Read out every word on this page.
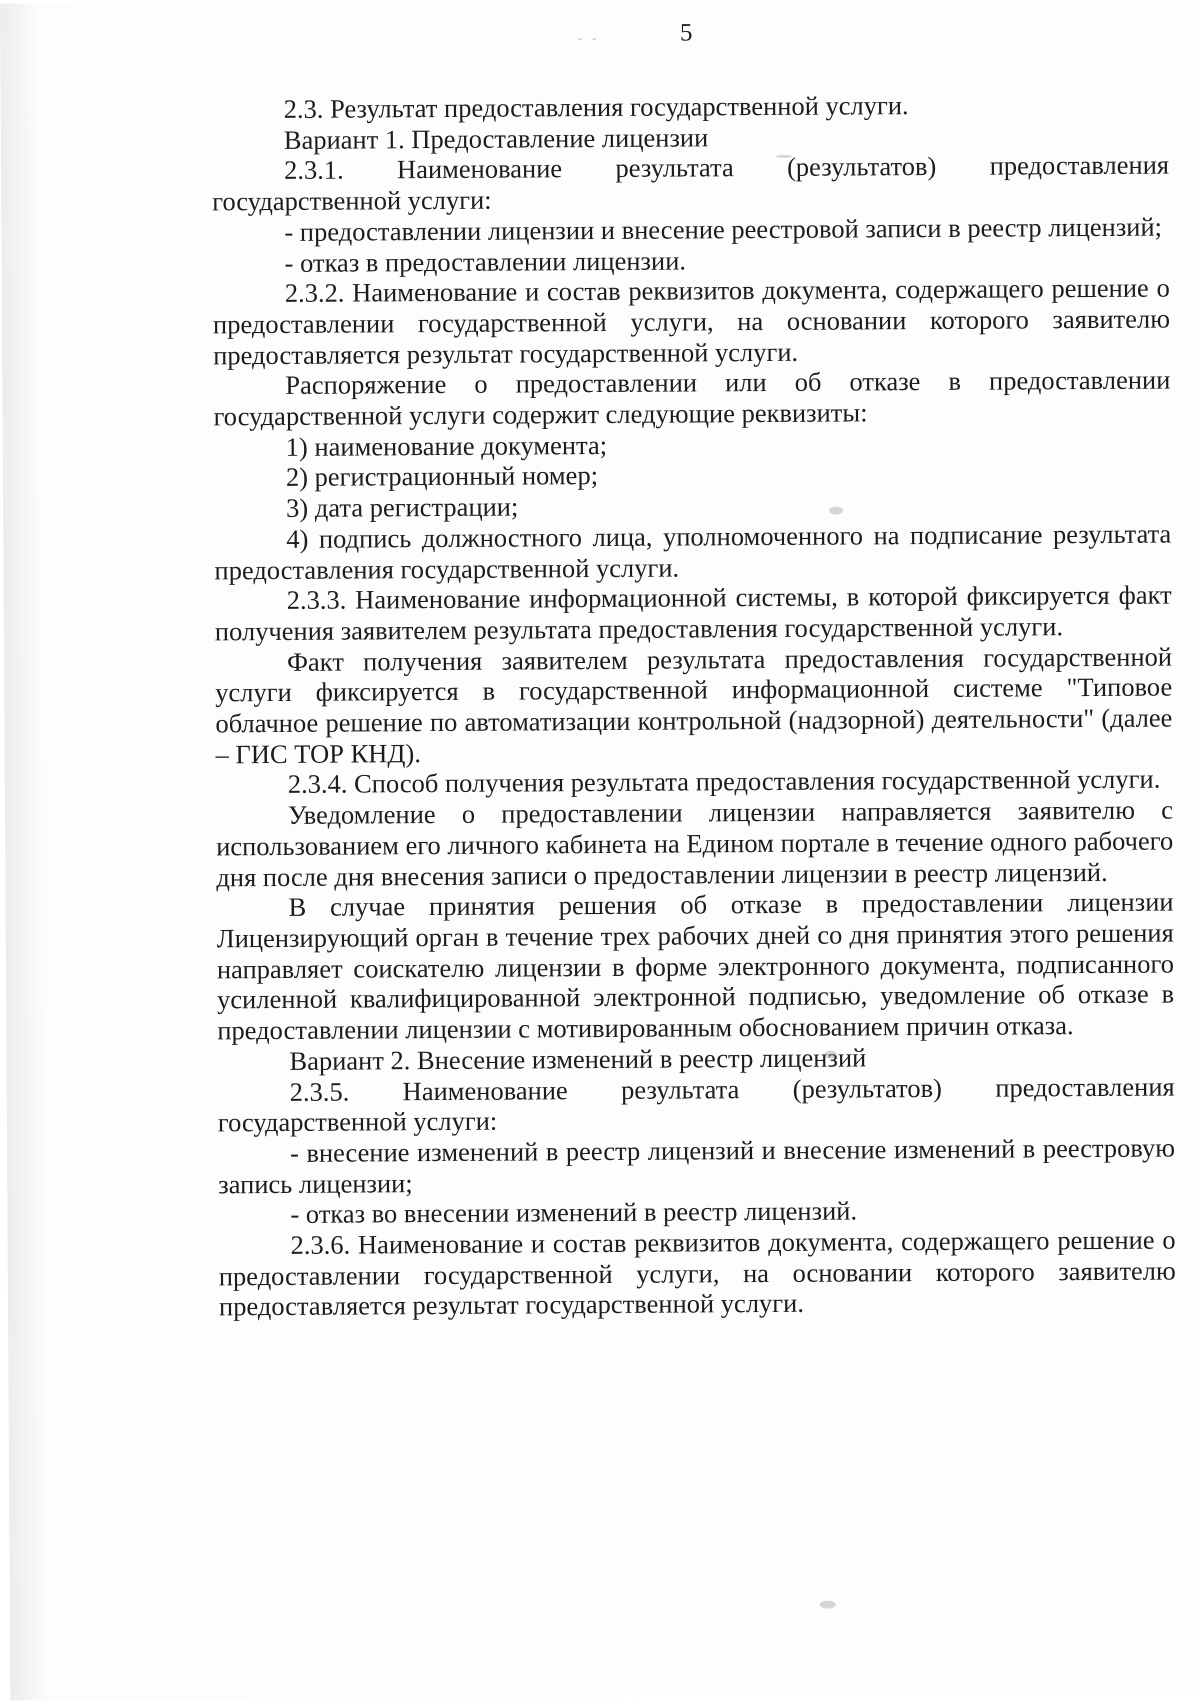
5

2.3. Результат предоставления государственной услуги.

Вариант 1. Предоставление лицензии

2.3.1. Наименование результата (результатов) предоставления государственной услуги:

- предоставлении лицензии и внесение реестровой записи в реестр лицензий;

- отказ в предоставлении лицензии.

2.3.2. Наименование и состав реквизитов документа, содержащего решение о предоставлении государственной услуги, на основании которого заявителю предоставляется результат государственной услуги.

Распоряжение о предоставлении или об отказе в предоставлении государственной услуги содержит следующие реквизиты:

1) наименование документа;

2) регистрационный номер;

3) дата регистрации;

4) подпись должностного лица, уполномоченного на подписание результата предоставления государственной услуги.

2.3.3. Наименование информационной системы, в которой фиксируется факт получения заявителем результата предоставления государственной услуги.

Факт получения заявителем результата предоставления государственной услуги фиксируется в государственной информационной системе "Типовое облачное решение по автоматизации контрольной (надзорной) деятельности" (далее – ГИС ТОР КНД).

2.3.4. Способ получения результата предоставления государственной услуги.

Уведомление о предоставлении лицензии направляется заявителю с использованием его личного кабинета на Едином портале в течение одного рабочего дня после дня внесения записи о предоставлении лицензии в реестр лицензий.

В случае принятия решения об отказе в предоставлении лицензии Лицензирующий орган в течение трех рабочих дней со дня принятия этого решения направляет соискателю лицензии в форме электронного документа, подписанного усиленной квалифицированной электронной подписью, уведомление об отказе в предоставлении лицензии с мотивированным обоснованием причин отказа.

Вариант 2. Внесение изменений в реестр лицензий

2.3.5. Наименование результата (результатов) предоставления государственной услуги:

- внесение изменений в реестр лицензий и внесение изменений в реестровую запись лицензии;

- отказ во внесении изменений в реестр лицензий.

2.3.6. Наименование и состав реквизитов документа, содержащего решение о предоставлении государственной услуги, на основании которого заявителю предоставляется результат государственной услуги.
